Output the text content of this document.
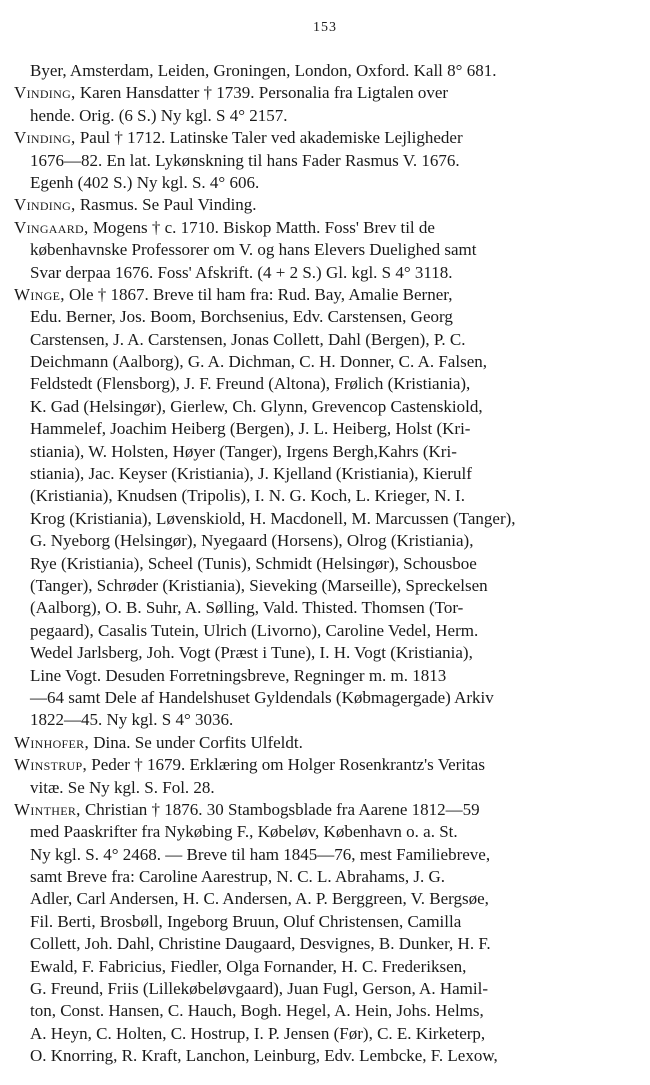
153
Byer, Amsterdam, Leiden, Groningen, London, Oxford. Kall 8° 681.
Vinding, Karen Hansdatter † 1739. Personalia fra Ligtalen over
hende. Orig. (6 S.) Ny kgl. S 4° 2157.
Vinding, Paul † 1712. Latinske Taler ved akademiske Lejligheder
1676—82. En lat. Lykønskning til hans Fader Rasmus V. 1676.
Egenh (402 S.) Ny kgl. S. 4° 606.
Vinding, Rasmus. Se Paul Vinding.
Vingaard, Mogens † c. 1710. Biskop Matth. Foss' Brev til de
københavnske Professorer om V. og hans Elevers Duelighed samt
Svar derpaa 1676. Foss' Afskrift. (4 + 2 S.) Gl. kgl. S 4° 3118.
Winge, Ole † 1867. Breve til ham fra: Rud. Bay, Amalie Berner,
Edu. Berner, Jos. Boom, Borchsenius, Edv. Carstensen, Georg
Carstensen, J. A. Carstensen, Jonas Collett, Dahl (Bergen), P. C.
Deichmann (Aalborg), G. A. Dichman, C. H. Donner, C. A. Falsen,
Feldstedt (Flensborg), J. F. Freund (Altona), Frølich (Kristiania),
K. Gad (Helsingør), Gierlew, Ch. Glynn, Grevencop Castenskiold,
Hammelef, Joachim Heiberg (Bergen), J. L. Heiberg, Holst (Kri-
stiania), W. Holsten, Høyer (Tanger), Irgens Bergh,Kahrs (Kri-
stiania), Jac. Keyser (Kristiania), J. Kjelland (Kristiania), Kierulf
(Kristiania), Knudsen (Tripolis), I. N. G. Koch, L. Krieger, N. I.
Krog (Kristiania), Løvenskiold, H. Macdonell, M. Marcussen (Tanger),
G. Nyeborg (Helsingør), Nyegaard (Horsens), Olrog (Kristiania),
Rye (Kristiania), Scheel (Tunis), Schmidt (Helsingør), Schousboe
(Tanger), Schrøder (Kristiania), Sieveking (Marseille), Spreckelsen
(Aalborg), O. B. Suhr, A. Sølling, Vald. Thisted. Thomsen (Tor-
pegaard), Casalis Tutein, Ulrich (Livorno), Caroline Vedel, Herm.
Wedel Jarlsberg, Joh. Vogt (Præst i Tune), I. H. Vogt (Kristiania),
Line Vogt. Desuden Forretningsbreve, Regninger m. m. 1813
—64 samt Dele af Handelshuset Gyldendals (Købmagergade) Arkiv
1822—45. Ny kgl. S 4° 3036.
Winhofer, Dina. Se under Corfits Ulfeldt.
Winstrup, Peder † 1679. Erklæring om Holger Rosenkrantz's Veritas
vitæ. Se Ny kgl. S. Fol. 28.
Winther, Christian † 1876. 30 Stambogsblade fra Aarene 1812—59
med Paaskrifter fra Nykøbing F., Købeløv, København o. a. St.
Ny kgl. S. 4° 2468. — Breve til ham 1845—76, mest Familiebreve,
samt Breve fra: Caroline Aarestrup, N. C. L. Abrahams, J. G.
Adler, Carl Andersen, H. C. Andersen, A. P. Berggreen, V. Bergsøe,
Fil. Berti, Brosbøll, Ingeborg Bruun, Oluf Christensen, Camilla
Collett, Joh. Dahl, Christine Daugaard, Desvignes, B. Dunker, H. F.
Ewald, F. Fabricius, Fiedler, Olga Fornander, H. C. Frederiksen,
G. Freund, Friis (Lillekøbeløvgaard), Juan Fugl, Gerson, A. Hamil-
ton, Const. Hansen, C. Hauch, Bogh. Hegel, A. Hein, Johs. Helms,
A. Heyn, C. Holten, C. Hostrup, I. P. Jensen (Før), C. E. Kirketerp,
O. Knorring, R. Kraft, Lanchon, Leinburg, Edv. Lembcke, F. Lexow,
